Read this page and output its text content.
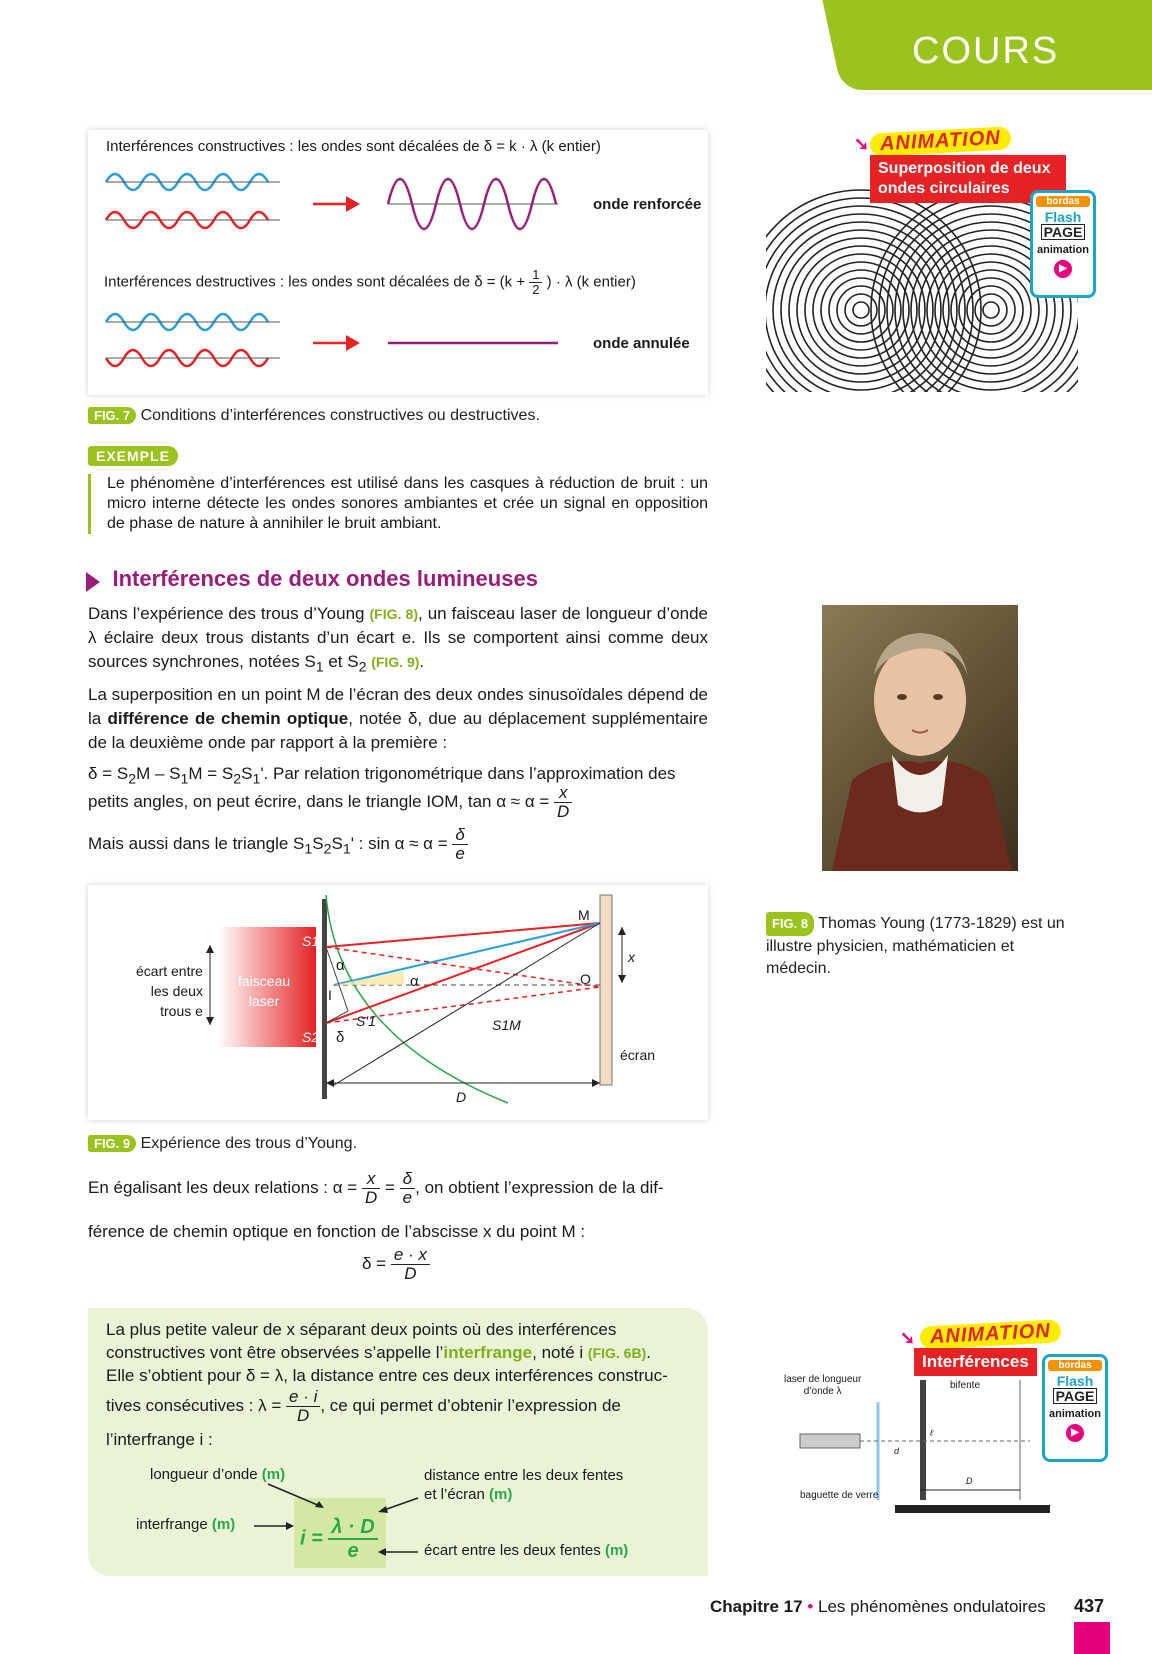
COURS
Interférences constructives : les ondes sont décalées de δ = k · λ (k entier)
onde renforcée
Interférences destructives : les ondes sont décalées de $\delta = (k + \frac{1}{2}$ ) · λ (k entier)
onde annulée
FIG. 7 Conditions d’interférences constructives ou destructives.
EXEMPLE
Le phénomène d’interférences est utilisé dans les casques à réduction de bruit : un micro interne détecte les ondes sonores ambiantes et crée un signal en opposition de phase de nature à annihiler le bruit ambiant.
Interférences de deux ondes lumineuses
Dans l’expérience des trous d’Young (FIG. 8), un faisceau laser de longueur d’onde λ éclaire deux trous distants d’un écart e. Ils se comportent ainsi comme deux sources synchrones, notées $S_1$ et $S_2$ (FIG. 9).
La superposition en un point M de l’écran des deux ondes sinusoïdales dépend de la différence de chemin optique, notée δ, due au déplacement supplémentaire de la deuxième onde par rapport à la première :
$\delta = S_2M - S_1M = S_2S_1'$. Par relation trigonométrique dans l’approximation des
petits angles, on peut écrire, dans le triangle IOM, $\tan \alpha \approx \alpha = \frac{x}{D}$
Mais aussi dans le triangle $S_1S_2S_1'$ : $\sin \alpha \approx \alpha = \frac{\delta}{e}$
écart entre
les deux
trous e
faisceau
laser
S1
S2
I
α
α
S'1
δ
S1M
M
O
x
D
écran
FIG. 9 Expérience des trous d’Young.
En égalisant les deux relations : $\alpha = \frac{x}{D} = \frac{\delta}{e}$ , on obtient l’expression de la dif-
férence de chemin optique en fonction de l’abscisse x du point M :
$\delta = \frac{e \cdot x}{D}$
La plus petite valeur de x séparant deux points où des interférences
constructives vont être observées s’appelle l’interfrange, noté i (FIG. 6B).
Elle s’obtient pour δ = λ, la distance entre ces deux interférences construc-
tives consécutives : $\lambda = \frac{e \cdot i}{D}$ , ce qui permet d’obtenir l’expression de
l’interfrange i :
$i = \frac{\lambda \cdot D}{e}$
longueur d’onde (m)
interfrange (m)
distance entre les deux fentes
et l’écran (m)
écart entre les deux fentes (m)
ANIMATION
➘
Superposition de deux
ondes circulaires
bordas
Flash
PAGE
animation
▶
FIG. 8 Thomas Young (1773-1829) est un illustre physicien, mathématicien et médecin.
laser de longueur
d’onde λ
bifente
baguette de verre
D
d
ℓ
ANIMATION
➘
Interférences	bordas
Flash
PAGE
animation
▶
Chapitre 17 • Les phénomènes ondulatoires 437
